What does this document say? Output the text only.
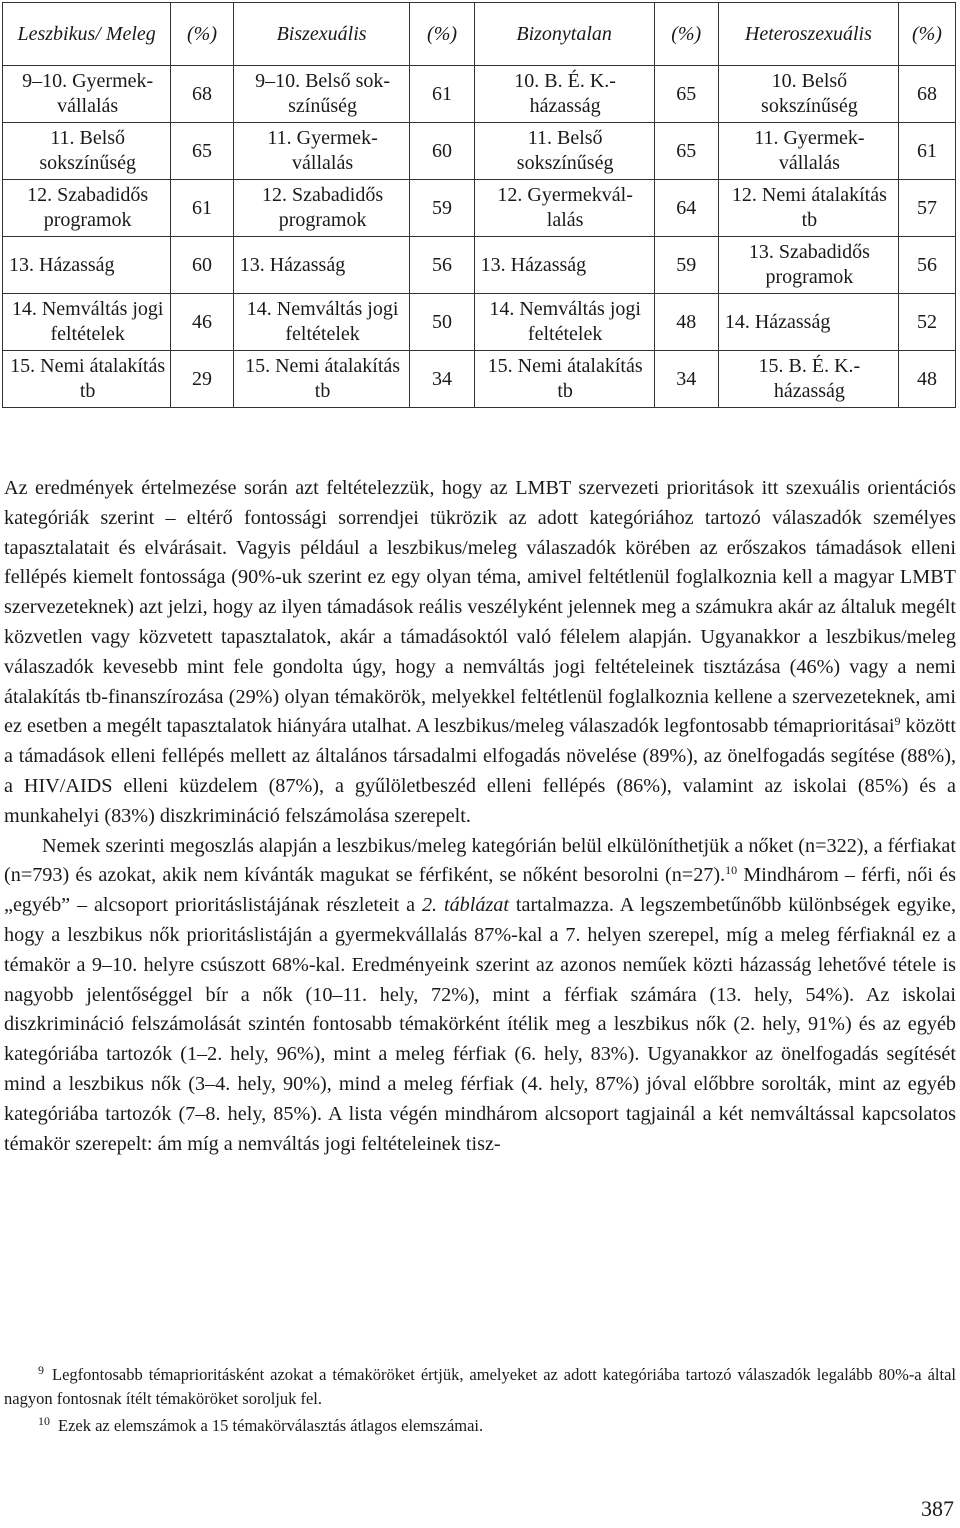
Leszbikus/ Meleg	(%)	Biszexuális	(%)	Bizonytalan	(%)	Heteroszexuális	(%)
9–10. Gyermek- vállalás	68	9–10. Belső sok- színűség	61	10. B. É. K.- házasság	65	10. Belső sokszínűség	68
11. Belső sokszínűség	65	11. Gyermek- vállalás	60	11. Belső sokszínűség	65	11. Gyermek- vállalás	61
12. Szabadidős programok	61	12. Szabadidős programok	59	12. Gyermekvál- lalás	64	12. Nemi átalakítás tb	57
13. Házasság	60	13. Házasság	56	13. Házasság	59	13. Szabadidős programok	56
14. Nemváltás jogi feltételek	46	14. Nemváltás jogi feltételek	50	14. Nemváltás jogi feltételek	48	14. Házasság	52
15. Nemi átalakítás tb	29	15. Nemi átalakítás tb	34	15. Nemi átalakítás tb	34	15. B. É. K.- házasság	48

Az eredmények értelmezése során azt feltételezzük, hogy az LMBT szervezeti prioritások itt szexuális orientációs kategóriák szerint – eltérő fontossági sorrendjei tükrözik az adott kategóriához tartozó válaszadók személyes tapasztalatait és elvárásait. Vagyis például a leszbikus/meleg válaszadók körében az erőszakos támadások elleni fellépés kiemelt fontossága (90%-uk szerint ez egy olyan téma, amivel feltétlenül foglalkoznia kell a magyar LMBT szervezeteknek) azt jelzi, hogy az ilyen támadások reális veszélyként jelennek meg a számukra akár az általuk megélt közvetlen vagy közvetett tapasztalatok, akár a támadásoktól való félelem alapján. Ugyanakkor a leszbikus/meleg válaszadók kevesebb mint fele gondolta úgy, hogy a nemváltás jogi feltételeinek tisztázása (46%) vagy a nemi átalakítás tb-finanszírozása (29%) olyan témakörök, melyekkel feltétlenül foglalkoznia kellene a szervezeteknek, ami ez esetben a megélt tapasztalatok hiányára utalhat. A leszbikus/meleg válaszadók legfontosabb témaprioritásai$^9$ között a támadások elleni fellépés mellett az általános társadalmi elfogadás növelése (89%), az önelfogadás segítése (88%), a HIV/AIDS elleni küzdelem (87%), a gyűlöletbeszéd elleni fellépés (86%), valamint az iskolai (85%) és a munkahelyi (83%) diszkrimináció felszámolása szerepelt.

Nemek szerinti megoszlás alapján a leszbikus/meleg kategórián belül elkülöníthetjük a nőket (n=322), a férfiakat (n=793) és azokat, akik nem kívánták magukat se férfiként, se nőként besorolni (n=27).$^{10}$ Mindhárom – férfi, női és „egyéb” – alcsoport prioritáslistájának részleteit a 2. táblázat tartalmazza. A legszembetűnőbb különbségek egyike, hogy a leszbikus nők prioritáslistáján a gyermekvállalás 87%-kal a 7. helyen szerepel, míg a meleg férfiaknál ez a témakör a 9–10. helyre csúszott 68%-kal. Eredményeink szerint az azonos neműek közti házasság lehetővé tétele is nagyobb jelentőséggel bír a nők (10–11. hely, 72%), mint a férfiak számára (13. hely, 54%). Az iskolai diszkrimináció felszámolását szintén fontosabb témakörként ítélik meg a leszbikus nők (2. hely, 91%) és az egyéb kategóriába tartozók (1–2. hely, 96%), mint a meleg férfiak (6. hely, 83%). Ugyanakkor az önelfogadás segítését mind a leszbikus nők (3–4. hely, 90%), mind a meleg férfiak (4. hely, 87%) jóval előbbre sorolták, mint az egyéb kategóriába tartozók (7–8. hely, 85%). A lista végén mindhárom alcsoport tagjainál a két nemváltással kapcsolatos témakör szerepelt: ám míg a nemváltás jogi feltételeinek tisz-

9 Legfontosabb témaprioritásként azokat a témaköröket értjük, amelyeket az adott kategóriába tartozó válaszadók legalább 80%-a által nagyon fontosnak ítélt témaköröket soroljuk fel.

10 Ezek az elemszámok a 15 témakörválasztás átlagos elemszámai.

387
